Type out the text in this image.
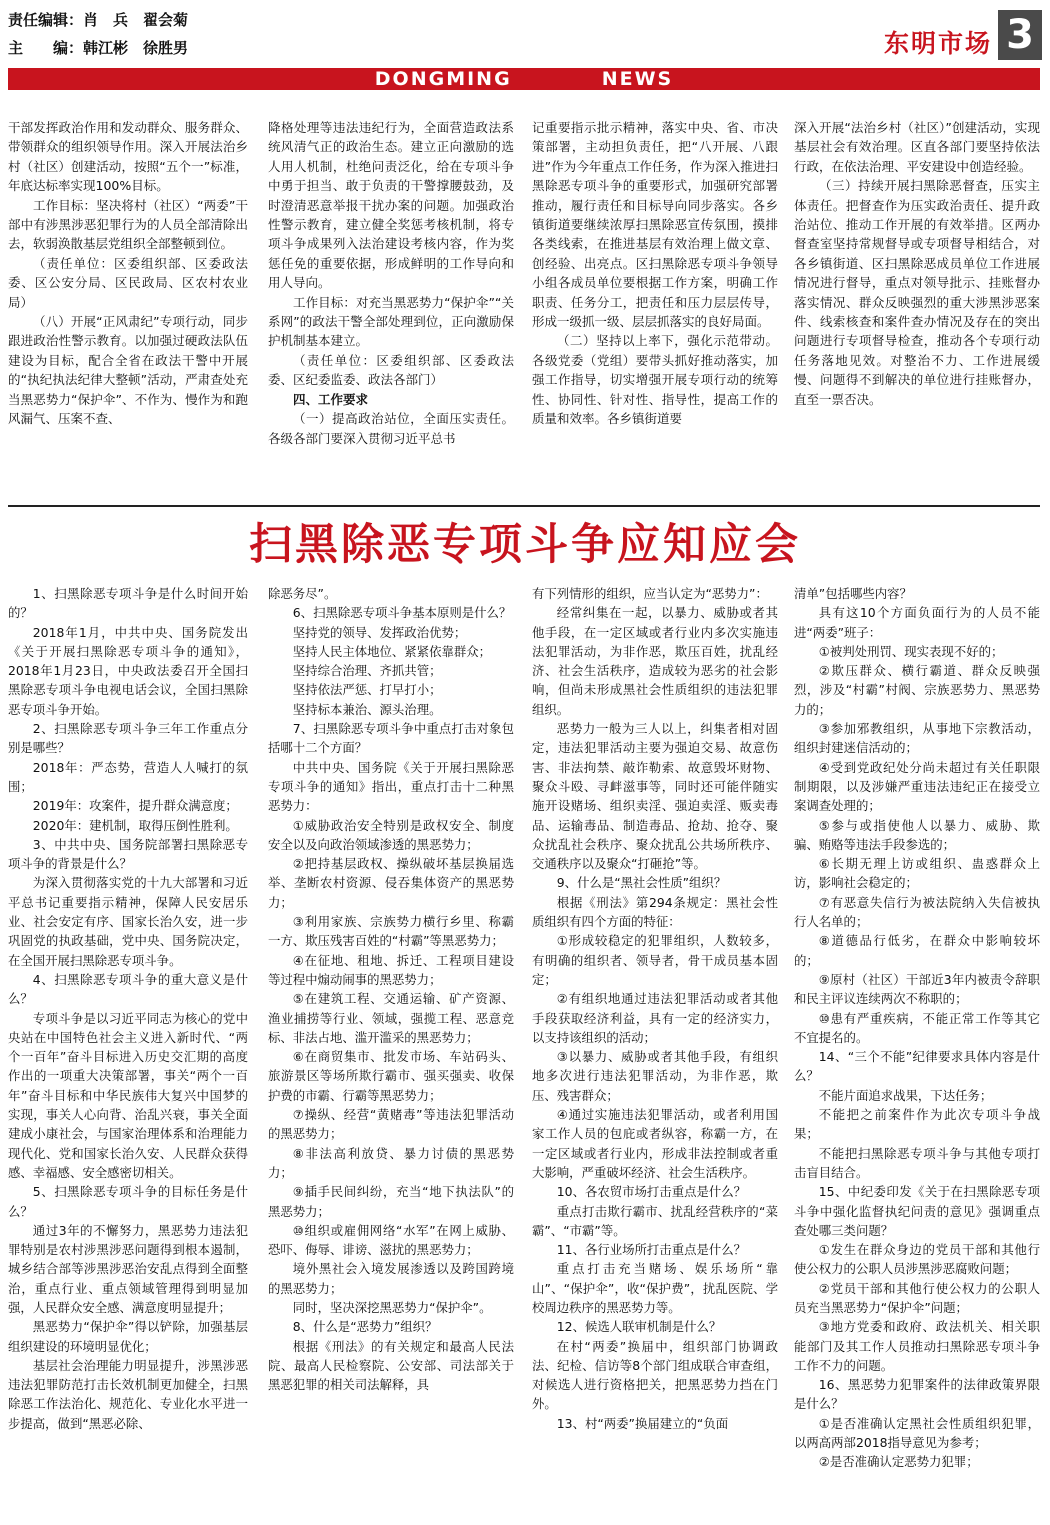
责任编辑：肖　兵　翟会菊
主　　编：韩江彬　徐胜男	东明市场 3
DONGMING	NEWS

干部发挥政治作用和发动群众、服务群众、带领群众的组织领导作用。深入开展法治乡村（社区）创建活动，按照“五个一”标准，年底达标率实现100%目标。

工作目标：坚决将村（社区）“两委”干部中有涉黑涉恶犯罪行为的人员全部清除出去，软弱涣散基层党组织全部整顿到位。

（责任单位：区委组织部、区委政法委、区公安分局、区民政局、区农村农业局）

（八）开展“正风肃纪”专项行动，同步跟进政治性警示教育。以加强过硬政法队伍建设为目标，配合全省在政法干警中开展的“执纪执法纪律大整顿”活动，严肃查处充当黑恶势力“保护伞”、不作为、慢作为和跑风漏气、压案不查、

降格处理等违法违纪行为，全面营造政法系统风清气正的政治生态。建立正向激励的选人用人机制，杜绝问责泛化，给在专项斗争中勇于担当、敢于负责的干警撑腰鼓劲，及时澄清恶意举报干扰办案的问题。加强政治性警示教育，建立健全奖惩考核机制，将专项斗争成果列入法治建设考核内容，作为奖惩任免的重要依据，形成鲜明的工作导向和用人导向。

工作目标：对充当黑恶势力“保护伞”“关系网”的政法干警全部处理到位，正向激励保护机制基本建立。

（责任单位：区委组织部、区委政法委、区纪委监委、政法各部门）

四、工作要求

（一）提高政治站位，全面压实责任。各级各部门要深入贯彻习近平总书

记重要指示批示精神，落实中央、省、市决策部署，主动担负责任，把“八开展、八跟进”作为今年重点工作任务，作为深入推进扫黑除恶专项斗争的重要形式，加强研究部署推动，履行责任和目标导向同步落实。各乡镇街道要继续浓厚扫黑除恶宣传氛围，摸排各类线索，在推进基层有效治理上做文章、创经验、出亮点。区扫黑除恶专项斗争领导小组各成员单位要根据工作方案，明确工作职责、任务分工，把责任和压力层层传导，形成一级抓一级、层层抓落实的良好局面。

（二）坚持以上率下，强化示范带动。各级党委（党组）要带头抓好推动落实，加强工作指导，切实增强开展专项行动的统筹性、协同性、针对性、指导性，提高工作的质量和效率。各乡镇街道要

深入开展“法治乡村（社区）”创建活动，实现基层社会有效治理。区直各部门要坚持依法行政，在依法治理、平安建设中创造经验。

（三）持续开展扫黑除恶督查，压实主体责任。把督查作为压实政治责任、提升政治站位、推动工作开展的有效举措。区两办督查室坚持常规督导或专项督导相结合，对各乡镇街道、区扫黑除恶成员单位工作进展情况进行督导，重点对领导批示、挂账督办落实情况、群众反映强烈的重大涉黑涉恶案件、线索核查和案件查办情况及存在的突出问题进行专项督导检查，推动各个专项行动任务落地见效。对整治不力、工作进展缓慢、问题得不到解决的单位进行挂账督办，直至一票否决。

扫黑除恶专项斗争应知应会

1、扫黑除恶专项斗争是什么时间开始的？

2018年1月，中共中央、国务院发出《关于开展扫黑除恶专项斗争的通知》，2018年1月23日，中央政法委召开全国扫黑除恶专项斗争电视电话会议，全国扫黑除恶专项斗争开始。

2、扫黑除恶专项斗争三年工作重点分别是哪些？

2018年：严态势，营造人人喊打的氛围；

2019年：攻案件，提升群众满意度；

2020年：建机制，取得压倒性胜利。

3、中共中央、国务院部署扫黑除恶专项斗争的背景是什么？

为深入贯彻落实党的十九大部署和习近平总书记重要指示精神，保障人民安居乐业、社会安定有序、国家长治久安，进一步巩固党的执政基础，党中央、国务院决定，在全国开展扫黑除恶专项斗争。

4、扫黑除恶专项斗争的重大意义是什么？

专项斗争是以习近平同志为核心的党中央站在中国特色社会主义进入新时代、“两个一百年”奋斗目标进入历史交汇期的高度作出的一项重大决策部署，事关“两个一百年”奋斗目标和中华民族伟大复兴中国梦的实现，事关人心向背、治乱兴衰，事关全面建成小康社会，与国家治理体系和治理能力现代化、党和国家长治久安、人民群众获得感、幸福感、安全感密切相关。

5、扫黑除恶专项斗争的目标任务是什么？

通过3年的不懈努力，黑恶势力违法犯罪特别是农村涉黑涉恶问题得到根本遏制，城乡结合部等涉黑涉恶治安乱点得到全面整治，重点行业、重点领域管理得到明显加强，人民群众安全感、满意度明显提升；

黑恶势力“保护伞”得以铲除，加强基层组织建设的环境明显优化；

基层社会治理能力明显提升，涉黑涉恶违法犯罪防范打击长效机制更加健全，扫黑除恶工作法治化、规范化、专业化水平进一步提高，做到“黑恶必除、

除恶务尽”。

6、扫黑除恶专项斗争基本原则是什么？

坚持党的领导、发挥政治优势；

坚持人民主体地位、紧紧依靠群众；

坚持综合治理、齐抓共管；

坚持依法严惩、打早打小；

坚持标本兼治、源头治理。

7、扫黑除恶专项斗争中重点打击对象包括哪十二个方面？

中共中央、国务院《关于开展扫黑除恶专项斗争的通知》指出，重点打击十二种黑恶势力：

①威胁政治安全特别是政权安全、制度安全以及向政治领域渗透的黑恶势力；

②把持基层政权、操纵破坏基层换届选举、垄断农村资源、侵吞集体资产的黑恶势力；

③利用家族、宗族势力横行乡里、称霸一方、欺压残害百姓的“村霸”等黑恶势力；

④在征地、租地、拆迁、工程项目建设等过程中煽动闹事的黑恶势力；

⑤在建筑工程、交通运输、矿产资源、渔业捕捞等行业、领域，强揽工程、恶意竞标、非法占地、滥开滥采的黑恶势力；

⑥在商贸集市、批发市场、车站码头、旅游景区等场所欺行霸市、强买强卖、收保护费的市霸、行霸等黑恶势力；

⑦操纵、经营“黄赌毒”等违法犯罪活动的黑恶势力；

⑧非法高利放贷、暴力讨债的黑恶势力；

⑨插手民间纠纷，充当“地下执法队”的黑恶势力；

⑩组织或雇佣网络“水军”在网上威胁、恐吓、侮辱、诽谤、滋扰的黑恶势力；

境外黑社会入境发展渗透以及跨国跨境的黑恶势力；

同时，坚决深挖黑恶势力“保护伞”。

8、什么是“恶势力”组织？

根据《刑法》的有关规定和最高人民法院、最高人民检察院、公安部、司法部关于黑恶犯罪的相关司法解释，具

有下列情形的组织，应当认定为“恶势力”：

经常纠集在一起，以暴力、威胁或者其他手段，在一定区域或者行业内多次实施违法犯罪活动，为非作恶，欺压百姓，扰乱经济、社会生活秩序，造成较为恶劣的社会影响，但尚未形成黑社会性质组织的违法犯罪组织。

恶势力一般为三人以上，纠集者相对固定，违法犯罪活动主要为强迫交易、故意伤害、非法拘禁、敲诈勒索、故意毁坏财物、聚众斗殴、寻衅滋事等，同时还可能伴随实施开设赌场、组织卖淫、强迫卖淫、贩卖毒品、运输毒品、制造毒品、抢劫、抢夺、聚众扰乱社会秩序、聚众扰乱公共场所秩序、交通秩序以及聚众“打砸抢”等。

9、什么是“黑社会性质”组织？

根据《刑法》第294条规定：黑社会性质组织有四个方面的特征：

①形成较稳定的犯罪组织，人数较多，有明确的组织者、领导者，骨干成员基本固定；

②有组织地通过违法犯罪活动或者其他手段获取经济利益，具有一定的经济实力，以支持该组织的活动；

③以暴力、威胁或者其他手段，有组织地多次进行违法犯罪活动，为非作恶，欺压、残害群众；

④通过实施违法犯罪活动，或者利用国家工作人员的包庇或者纵容，称霸一方，在一定区域或者行业内，形成非法控制或者重大影响，严重破坏经济、社会生活秩序。

10、各农贸市场打击重点是什么？

重点打击欺行霸市、扰乱经营秩序的“菜霸”、“市霸”等。

11、各行业场所打击重点是什么？

重点打击充当赌场、娱乐场所“靠山”、“保护伞”，收“保护费”，扰乱医院、学校周边秩序的黑恶势力等。

12、候选人联审机制是什么？

在村“两委”换届中，组织部门协调政法、纪检、信访等8个部门组成联合审查组，对候选人进行资格把关，把黑恶势力挡在门外。

13、村“两委”换届建立的“负面

清单”包括哪些内容？

具有这10个方面负面行为的人员不能进“两委”班子：

①被判处刑罚、现实表现不好的；

②欺压群众、横行霸道、群众反映强烈，涉及“村霸”村阀、宗族恶势力、黑恶势力的；

③参加邪教组织，从事地下宗教活动，组织封建迷信活动的；

④受到党政纪处分尚未超过有关任职限制期限，以及涉嫌严重违法违纪正在接受立案调查处理的；

⑤参与或指使他人以暴力、威胁、欺骗、贿赂等违法手段参选的；

⑥长期无理上访或组织、蛊惑群众上访，影响社会稳定的；

⑦有恶意失信行为被法院纳入失信被执行人名单的；

⑧道德品行低劣，在群众中影响较坏的；

⑨原村（社区）干部近3年内被责令辞职和民主评议连续两次不称职的；

⑩患有严重疾病，不能正常工作等其它不宜提名的。

14、“三个不能”纪律要求具体内容是什么？

不能片面追求战果，下达任务；

不能把之前案件作为此次专项斗争战果；

不能把扫黑除恶专项斗争与其他专项打击盲目结合。

15、中纪委印发《关于在扫黑除恶专项斗争中强化监督执纪问责的意见》强调重点查处哪三类问题？

①发生在群众身边的党员干部和其他行使公权力的公职人员涉黑涉恶腐败问题；

②党员干部和其他行使公权力的公职人员充当黑恶势力“保护伞”问题；

③地方党委和政府、政法机关、相关职能部门及其工作人员推动扫黑除恶专项斗争工作不力的问题。

16、黑恶势力犯罪案件的法律政策界限是什么？

①是否准确认定黑社会性质组织犯罪，以两高两部2018指导意见为参考；

②是否准确认定恶势力犯罪；
